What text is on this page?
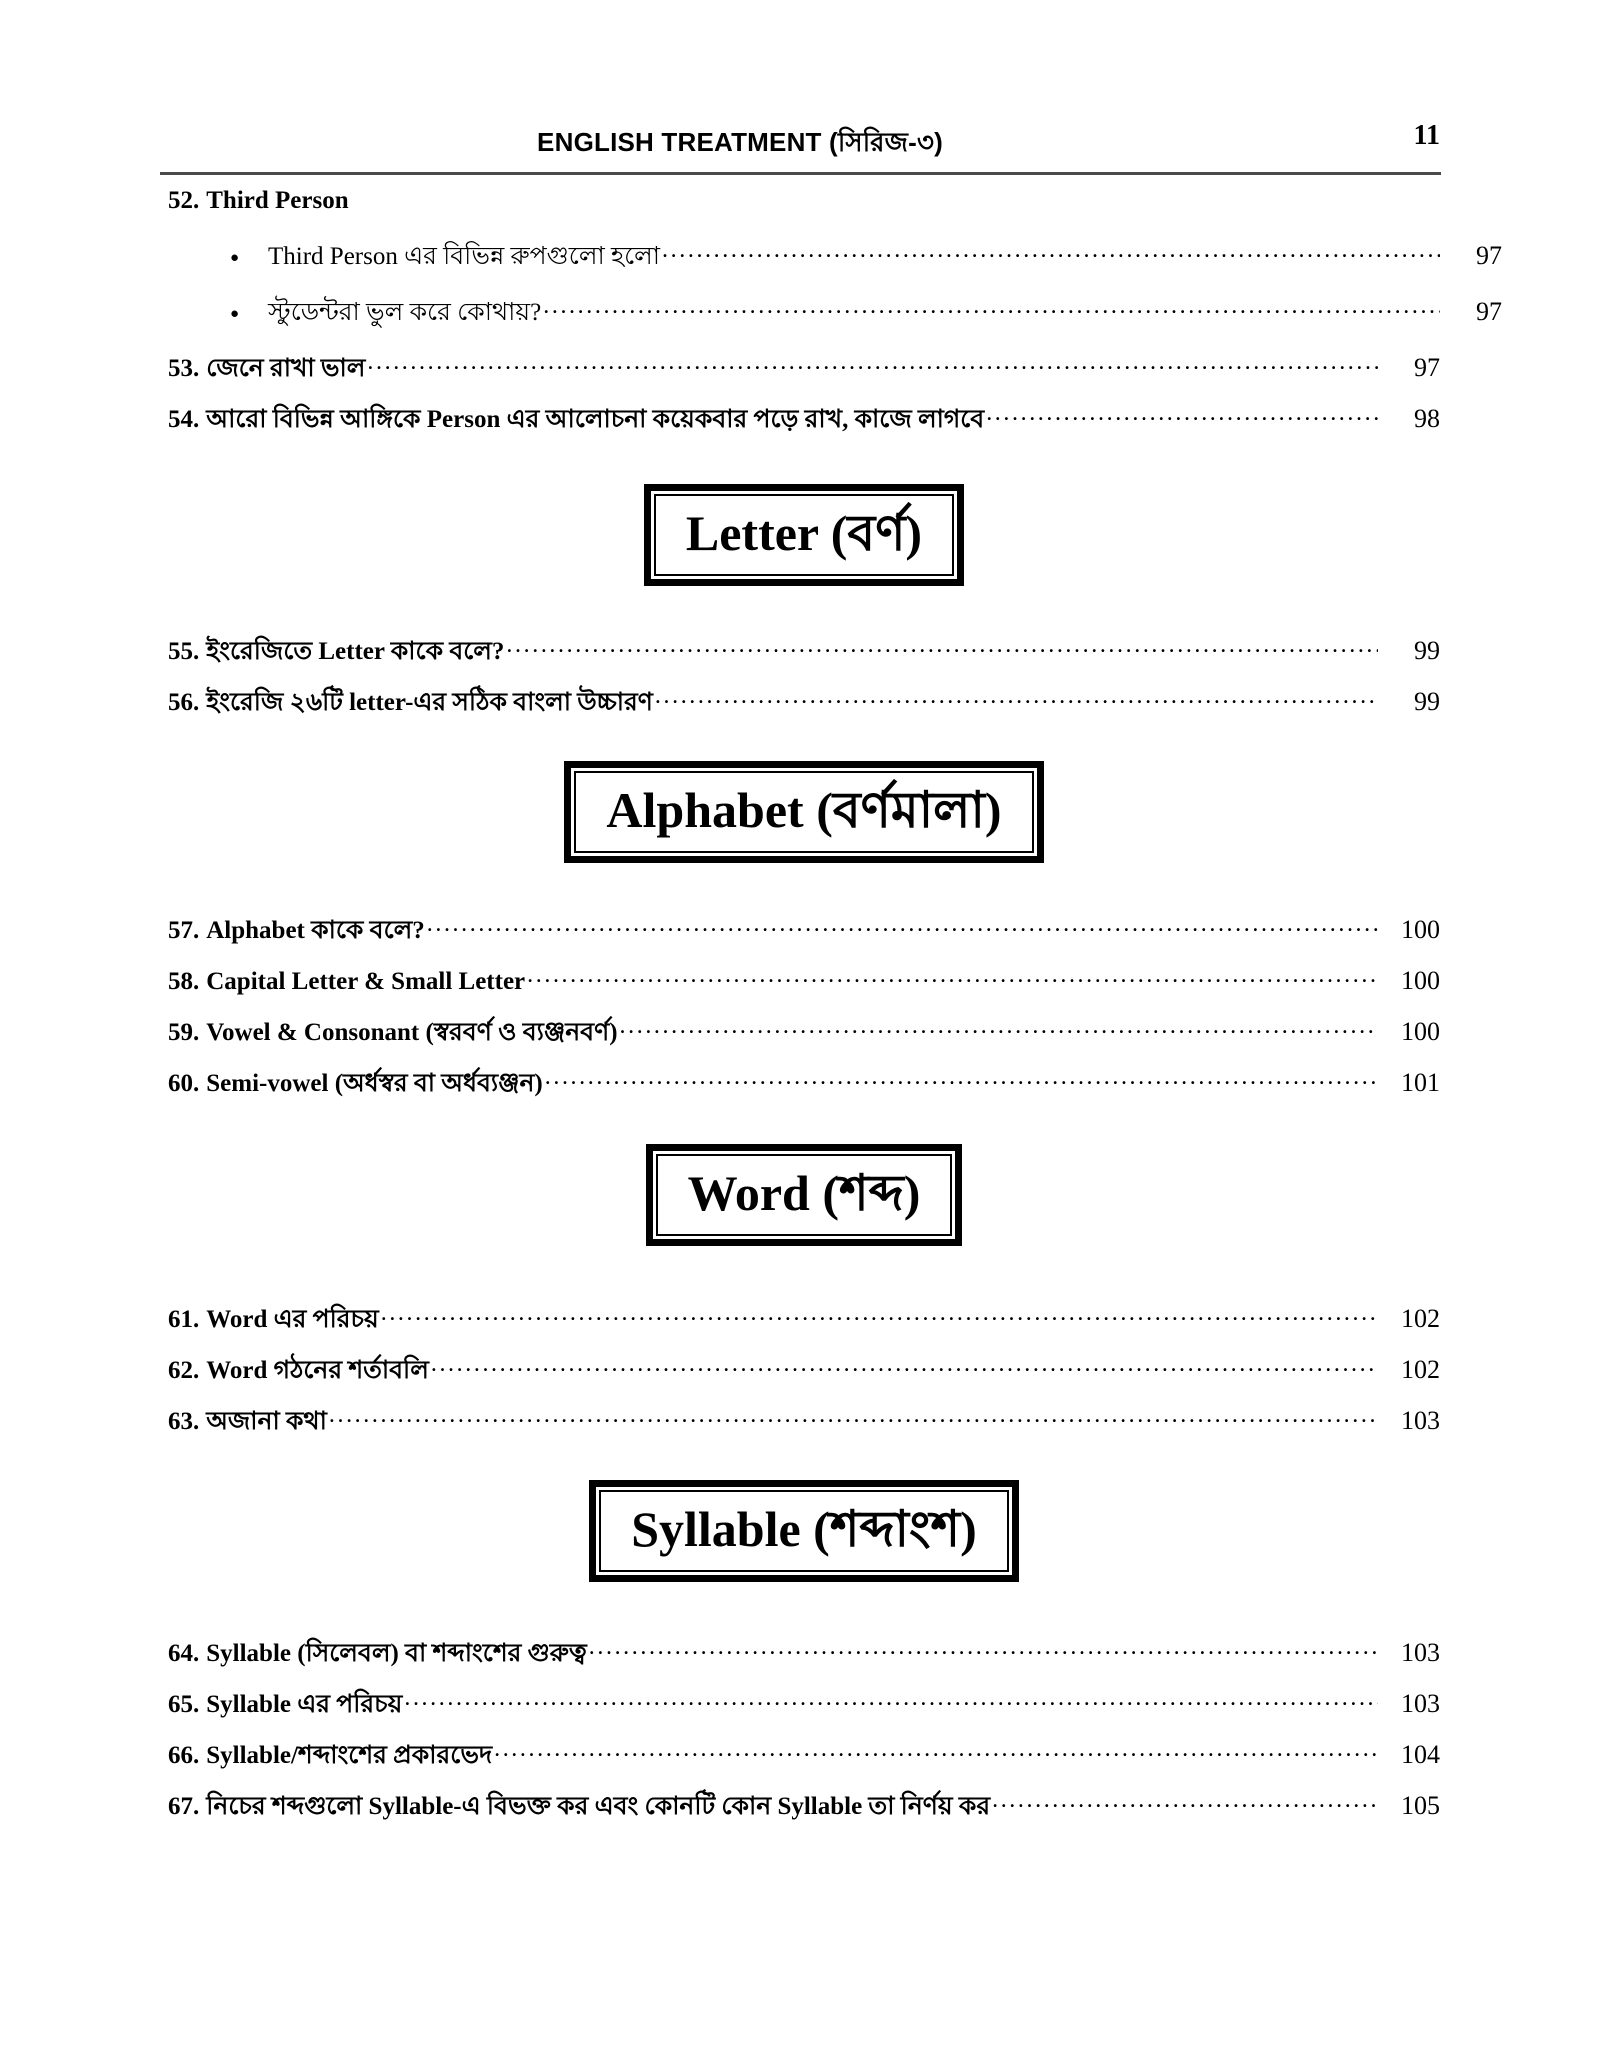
ENGLISH TREATMENT (সিরিজ-৩)	11
52. Third Person
●
Third Person এর বিভিন্ন রুপগুলো হলো .....	97
●
স্টুডেন্টরা ভুল করে কোথায়? .....	97
53. জেনে রাখা ভাল .....	97
54. আরো বিভিন্ন আঙ্গিকে Person এর আলোচনা কয়েকবার পড়ে রাখ, কাজে লাগবে .....	98
Letter (বর্ণ)
55. ইংরেজিতে Letter কাকে বলে? .....	99
56. ইংরেজি ২৬টি letter-এর সঠিক বাংলা উচ্চারণ .....	99
Alphabet (বর্ণমালা)
57. Alphabet কাকে বলে? .....	100
58. Capital Letter & Small Letter .....	100
59. Vowel & Consonant (স্বরবর্ণ ও ব্যঞ্জনবর্ণ) .....	100
60. Semi-vowel (অর্ধস্বর বা অর্ধব্যঞ্জন) .....	101
Word (শব্দ)
61. Word এর পরিচয় .....	102
62. Word গঠনের শর্তাবলি .....	102
63. অজানা কথা .....	103
Syllable (শব্দাংশ)
64. Syllable (সিলেবল) বা শব্দাংশের গুরুত্ব .....	103
65. Syllable এর পরিচয় .....	103
66. Syllable/শব্দাংশের প্রকারভেদ .....	104
67. নিচের শব্দগুলো Syllable-এ বিভক্ত কর এবং কোনটি কোন Syllable তা নির্ণয় কর .....	105
